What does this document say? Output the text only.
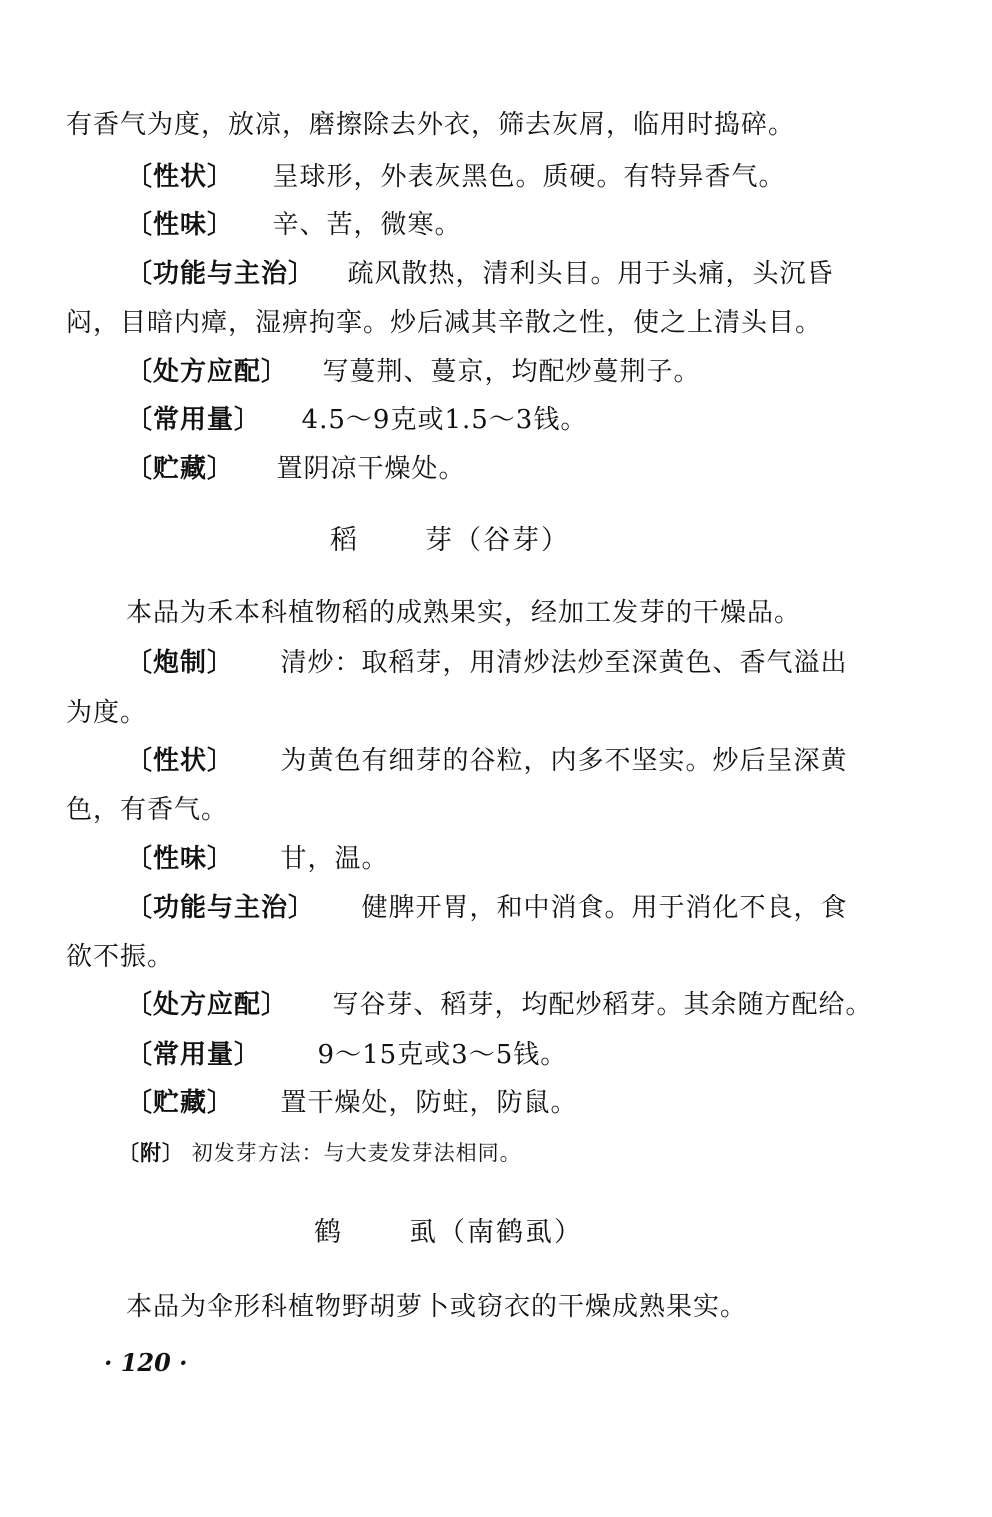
有香气为度，放凉，磨擦除去外衣，筛去灰屑，临用时捣碎。
〔性状〕 呈球形，外表灰黑色。质硬。有特异香气。
〔性味〕 辛、苦，微寒。
〔功能与主治〕 疏风散热，清利头目。用于头痛，头沉昏
闷，目暗内瘴，湿痹拘挛。炒后减其辛散之性，使之上清头目。
〔处方应配〕 写蔓荆、蔓京，均配炒蔓荆子。
〔常用量〕 4.5～9克或1.5～3钱。
〔贮藏〕 置阴凉干燥处。
稻 芽（谷芽）
本品为禾本科植物稻的成熟果实，经加工发芽的干燥品。
〔炮制〕 清炒：取稻芽，用清炒法炒至深黄色、香气溢出
为度。
〔性状〕 为黄色有细芽的谷粒，内多不坚实。炒后呈深黄
色，有香气。
〔性味〕 甘，温。
〔功能与主治〕 健脾开胃，和中消食。用于消化不良，食
欲不振。
〔处方应配〕 写谷芽、稻芽，均配炒稻芽。其余随方配给。
〔常用量〕 9～15克或3～5钱。
〔贮藏〕 置干燥处，防蛀，防鼠。
〔附〕 初发芽方法：与大麦发芽法相同。
鹤 虱（南鹤虱）
本品为伞形科植物野胡萝卜或窃衣的干燥成熟果实。
· 120 ·
